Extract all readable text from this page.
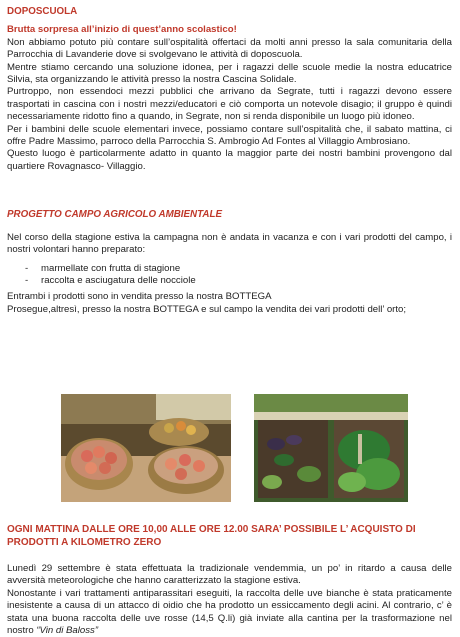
DOPOSCUOLA
Brutta sorpresa all’inizio di quest’anno scolastico!

Non abbiamo potuto più contare sull’ospitalità offertaci da molti anni presso la sala comunitaria della Parrocchia di Lavanderie dove si svolgevano le attività di doposcuola.

Mentre stiamo cercando una soluzione idonea, per i ragazzi delle scuole medie la nostra educatrice Silvia, sta organizzando le attività presso la nostra Cascina Solidale.

Purtroppo, non essendoci mezzi pubblici che arrivano da Segrate, tutti i ragazzi devono essere trasportati in cascina con i nostri mezzi/educatori e ciò comporta un notevole disagio; il gruppo è quindi necessariamente ridotto fino a quando, in Segrate, non si renda disponibile un luogo più idoneo.

Per i bambini delle scuole elementari invece, possiamo contare sull’ospitalità che, il sabato mattina, ci offre Padre Massimo, parroco della Parrocchia S. Ambrogio Ad Fontes al Villaggio Ambrosiano.

Questo luogo è particolarmente adatto in quanto la maggior parte dei nostri bambini provengono dal quartiere Rovagnasco- Villaggio.

PROGETTO CAMPO AGRICOLO AMBIENTALE

Nel corso della stagione estiva la campagna non è andata in vacanza e con i vari prodotti del campo, i nostri volontari hanno preparato:

- marmellate con frutta di stagione
- raccolta e asciugatura delle nocciole

Entrambi i prodotti sono in vendita presso la nostra BOTTEGA

Prosegue,altresì, presso la nostra BOTTEGA e sul campo la vendita dei vari prodotti dell’ orto;

OGNI MATTINA DALLE ORE 10,00 ALLE ORE 12.00 SARA’ POSSIBILE L’ ACQUISTO DI PRODOTTI A KILOMETRO ZERO

Lunedì 29 settembre è stata effettuata la tradizionale vendemmia, un po’ in ritardo a causa delle avversità meteorologiche che hanno caratterizzato la stagione estiva.

Nonostante i vari trattamenti antiparassitari eseguiti, la raccolta delle uve bianche è stata praticamente inesistente a causa di un attacco di oidio che ha prodotto un essiccamento degli acini. Al contrario, c’ è stata una buona raccolta delle uve rosse (14,5 Q.li) già inviate alla cantina per la trasformazione nel nostro “Vin di Baloss”
